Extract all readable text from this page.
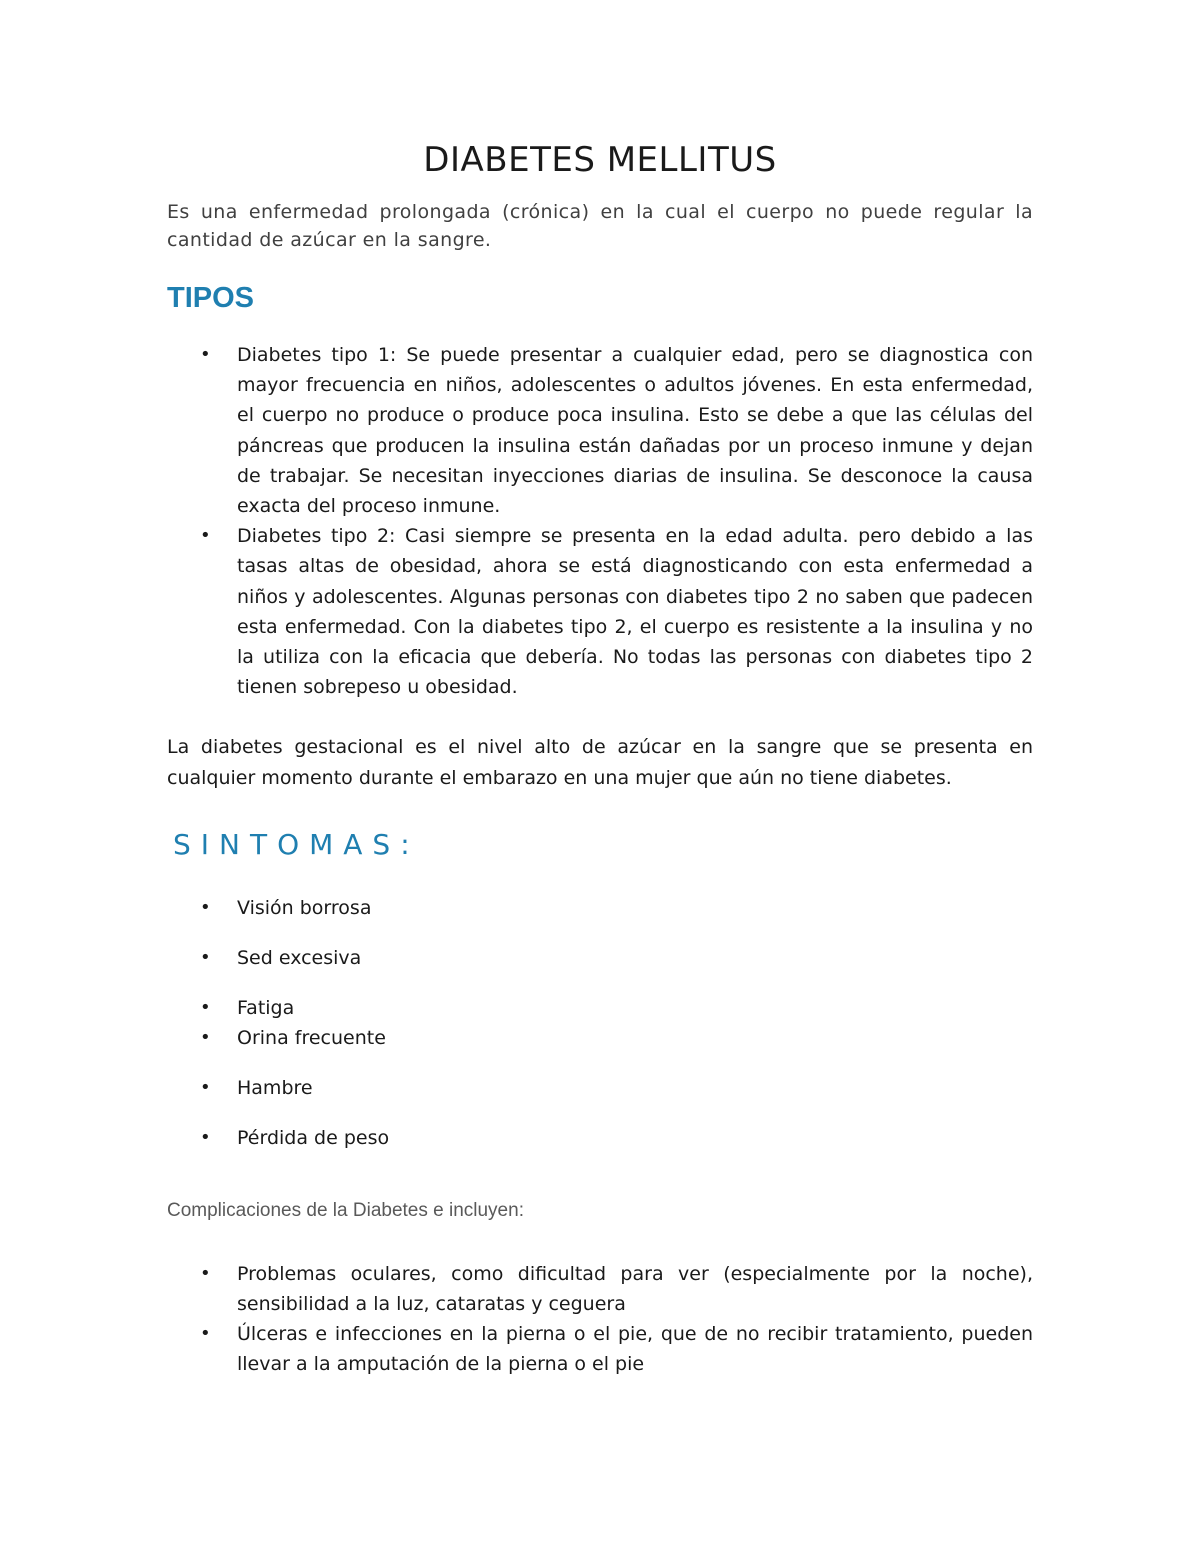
DIABETES MELLITUS

Es una enfermedad prolongada (crónica) en la cual el cuerpo no puede regular la cantidad de azúcar en la sangre.

TIPOS
• Diabetes tipo 1: Se puede presentar a cualquier edad, pero se diagnostica con mayor frecuencia en niños, adolescentes o adultos jóvenes. En esta enfermedad, el cuerpo no produce o produce poca insulina. Esto se debe a que las células del páncreas que producen la insulina están dañadas por un proceso inmune y dejan de trabajar. Se necesitan inyecciones diarias de insulina. Se desconoce la causa exacta del proceso inmune.
• Diabetes tipo 2: Casi siempre se presenta en la edad adulta. pero debido a las tasas altas de obesidad, ahora se está diagnosticando con esta enfermedad a niños y adolescentes. Algunas personas con diabetes tipo 2 no saben que padecen esta enfermedad. Con la diabetes tipo 2, el cuerpo es resistente a la insulina y no la utiliza con la eficacia que debería. No todas las personas con diabetes tipo 2 tienen sobrepeso u obesidad.

La diabetes gestacional es el nivel alto de azúcar en la sangre que se presenta en cualquier momento durante el embarazo en una mujer que aún no tiene diabetes.

SINTOMAS:
• Visión borrosa
• Sed excesiva
• Fatiga
• Orina frecuente
• Hambre
• Pérdida de peso

Complicaciones de la Diabetes e incluyen:

• Problemas oculares, como dificultad para ver (especialmente por la noche), sensibilidad a la luz, cataratas y ceguera
• Úlceras e infecciones en la pierna o el pie, que de no recibir tratamiento, pueden llevar a la amputación de la pierna o el pie
